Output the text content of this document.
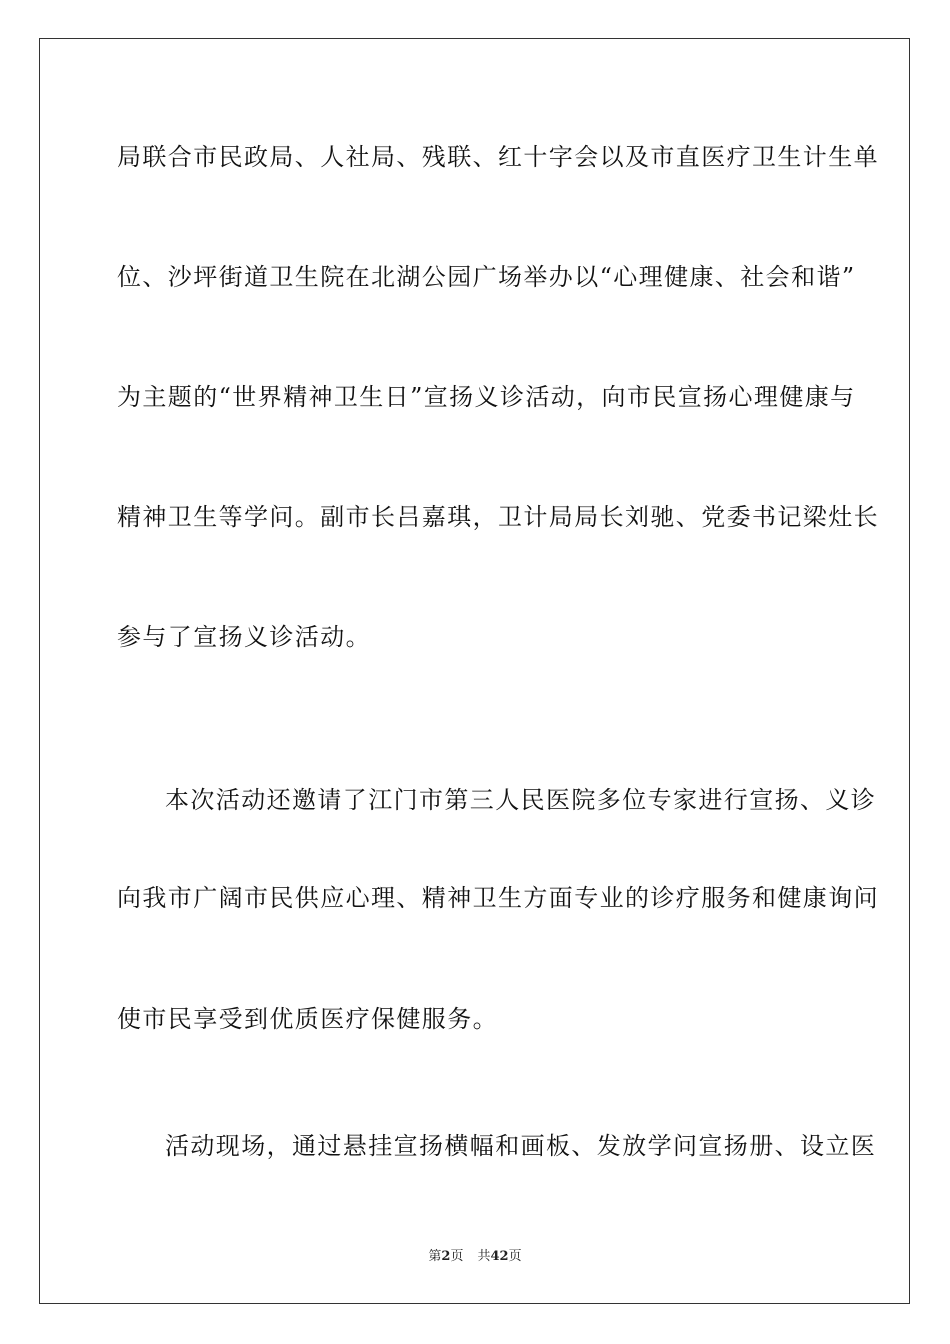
局联合市民政局、人社局、残联、红十字会以及市直医疗卫生计生单
位、沙坪街道卫生院在北湖公园广场举办以“心理健康、社会和谐”
为主题的“世界精神卫生日”宣扬义诊活动，向市民宣扬心理健康与
精神卫生等学问。副市长吕嘉琪，卫计局局长刘驰、党委书记梁灶长
参与了宣扬义诊活动。
本次活动还邀请了江门市第三人民医院多位专家进行宣扬、义诊
向我市广阔市民供应心理、精神卫生方面专业的诊疗服务和健康询问
使市民享受到优质医疗保健服务。
活动现场，通过悬挂宣扬横幅和画板、发放学问宣扬册、设立医
第2页 共42页
